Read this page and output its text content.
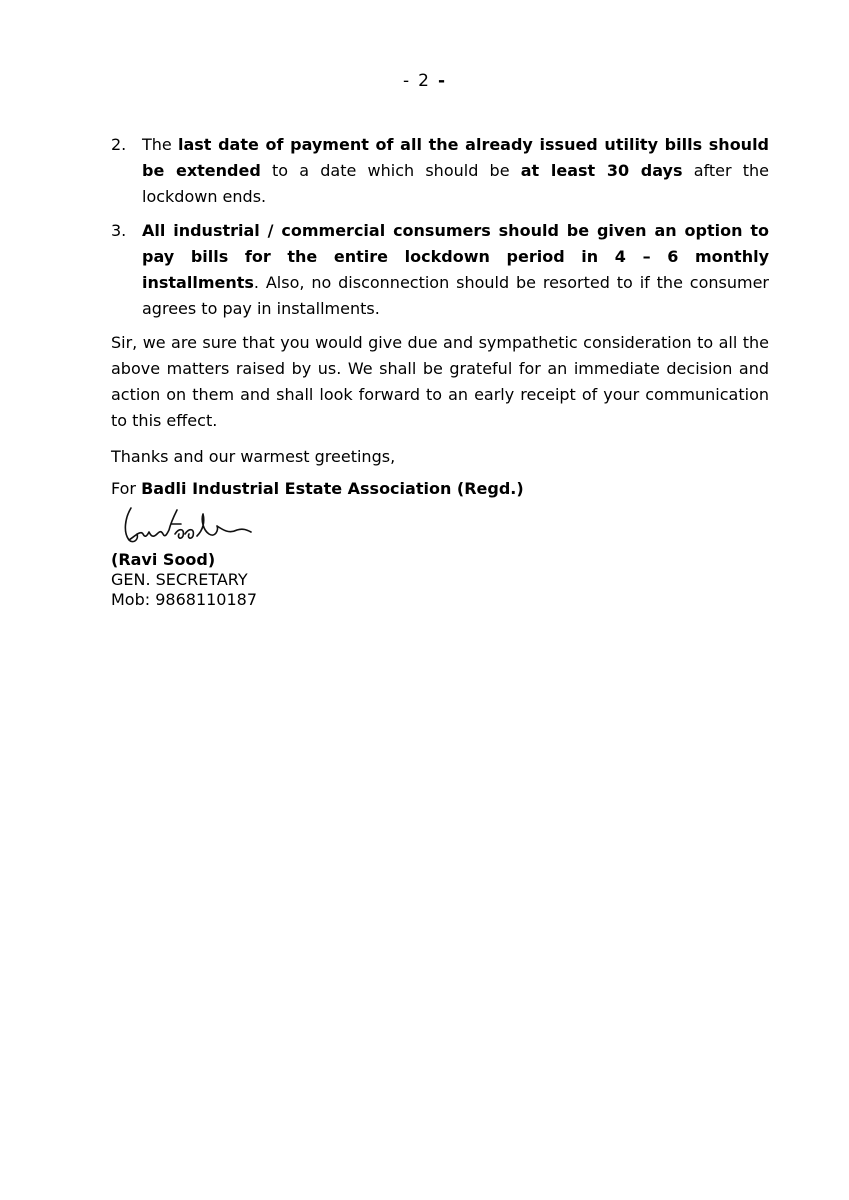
- 2 -
2. The last date of payment of all the already issued utility bills should be extended to a date which should be at least 30 days after the lockdown ends.
3. All industrial / commercial consumers should be given an option to pay bills for the entire lockdown period in 4 – 6 monthly installments. Also, no disconnection should be resorted to if the consumer agrees to pay in installments.

Sir, we are sure that you would give due and sympathetic consideration to all the above matters raised by us. We shall be grateful for an immediate decision and action on them and shall look forward to an early receipt of your communication to this effect.

Thanks and our warmest greetings,

For Badli Industrial Estate Association (Regd.)

(Ravi Sood)
GEN. SECRETARY
Mob: 9868110187
